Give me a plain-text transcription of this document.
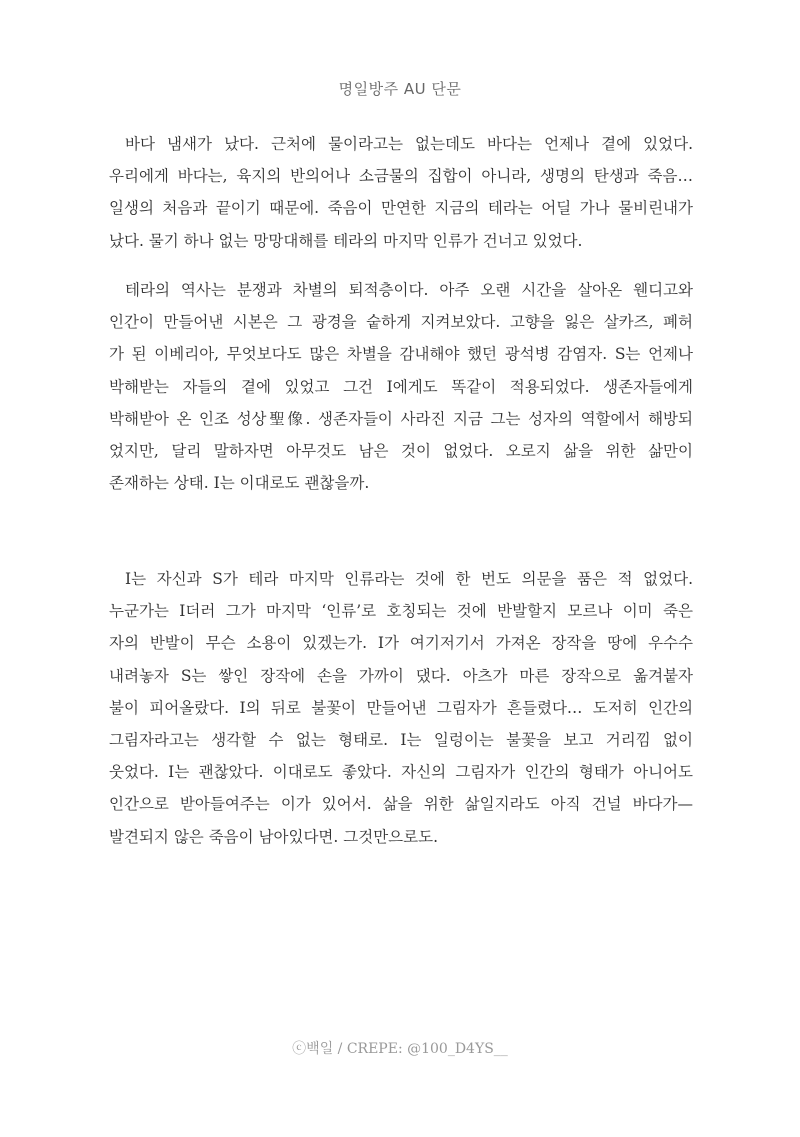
명일방주 AU 단문
바다 냄새가 났다. 근처에 물이라고는 없는데도 바다는 언제나 곁에 있었다.
우리에게 바다는, 육지의 반의어나 소금물의 집합이 아니라, 생명의 탄생과 죽음…
일생의 처음과 끝이기 때문에. 죽음이 만연한 지금의 테라는 어딜 가나 물비린내가
났다. 물기 하나 없는 망망대해를 테라의 마지막 인류가 건너고 있었다.
테라의 역사는 분쟁과 차별의 퇴적층이다. 아주 오랜 시간을 살아온 웬디고와
인간이 만들어낸 시본은 그 광경을 숱하게 지켜보았다. 고향을 잃은 살카즈, 폐허
가 된 이베리아, 무엇보다도 많은 차별을 감내해야 했던 광석병 감염자. S는 언제나
박해받는 자들의 곁에 있었고 그건 I에게도 똑같이 적용되었다. 생존자들에게
박해받아 온 인조 성상聖像. 생존자들이 사라진 지금 그는 성자의 역할에서 해방되
었지만, 달리 말하자면 아무것도 남은 것이 없었다. 오로지 삶을 위한 삶만이
존재하는 상태. I는 이대로도 괜찮을까.
I는 자신과 S가 테라 마지막 인류라는 것에 한 번도 의문을 품은 적 없었다.
누군가는 I더러 그가 마지막 ‘인류’로 호칭되는 것에 반발할지 모르나 이미 죽은
자의 반발이 무슨 소용이 있겠는가. I가 여기저기서 가져온 장작을 땅에 우수수
내려놓자 S는 쌓인 장작에 손을 가까이 댔다. 아츠가 마른 장작으로 옮겨붙자
불이 피어올랐다. I의 뒤로 불꽃이 만들어낸 그림자가 흔들렸다… 도저히 인간의
그림자라고는 생각할 수 없는 형태로. I는 일렁이는 불꽃을 보고 거리낌 없이
웃었다. I는 괜찮았다. 이대로도 좋았다. 자신의 그림자가 인간의 형태가 아니어도
인간으로 받아들여주는 이가 있어서. 삶을 위한 삶일지라도 아직 건널 바다가—
발견되지 않은 죽음이 남아있다면. 그것만으로도.
ⓒ백일 / CREPE: @100_D4YS__
